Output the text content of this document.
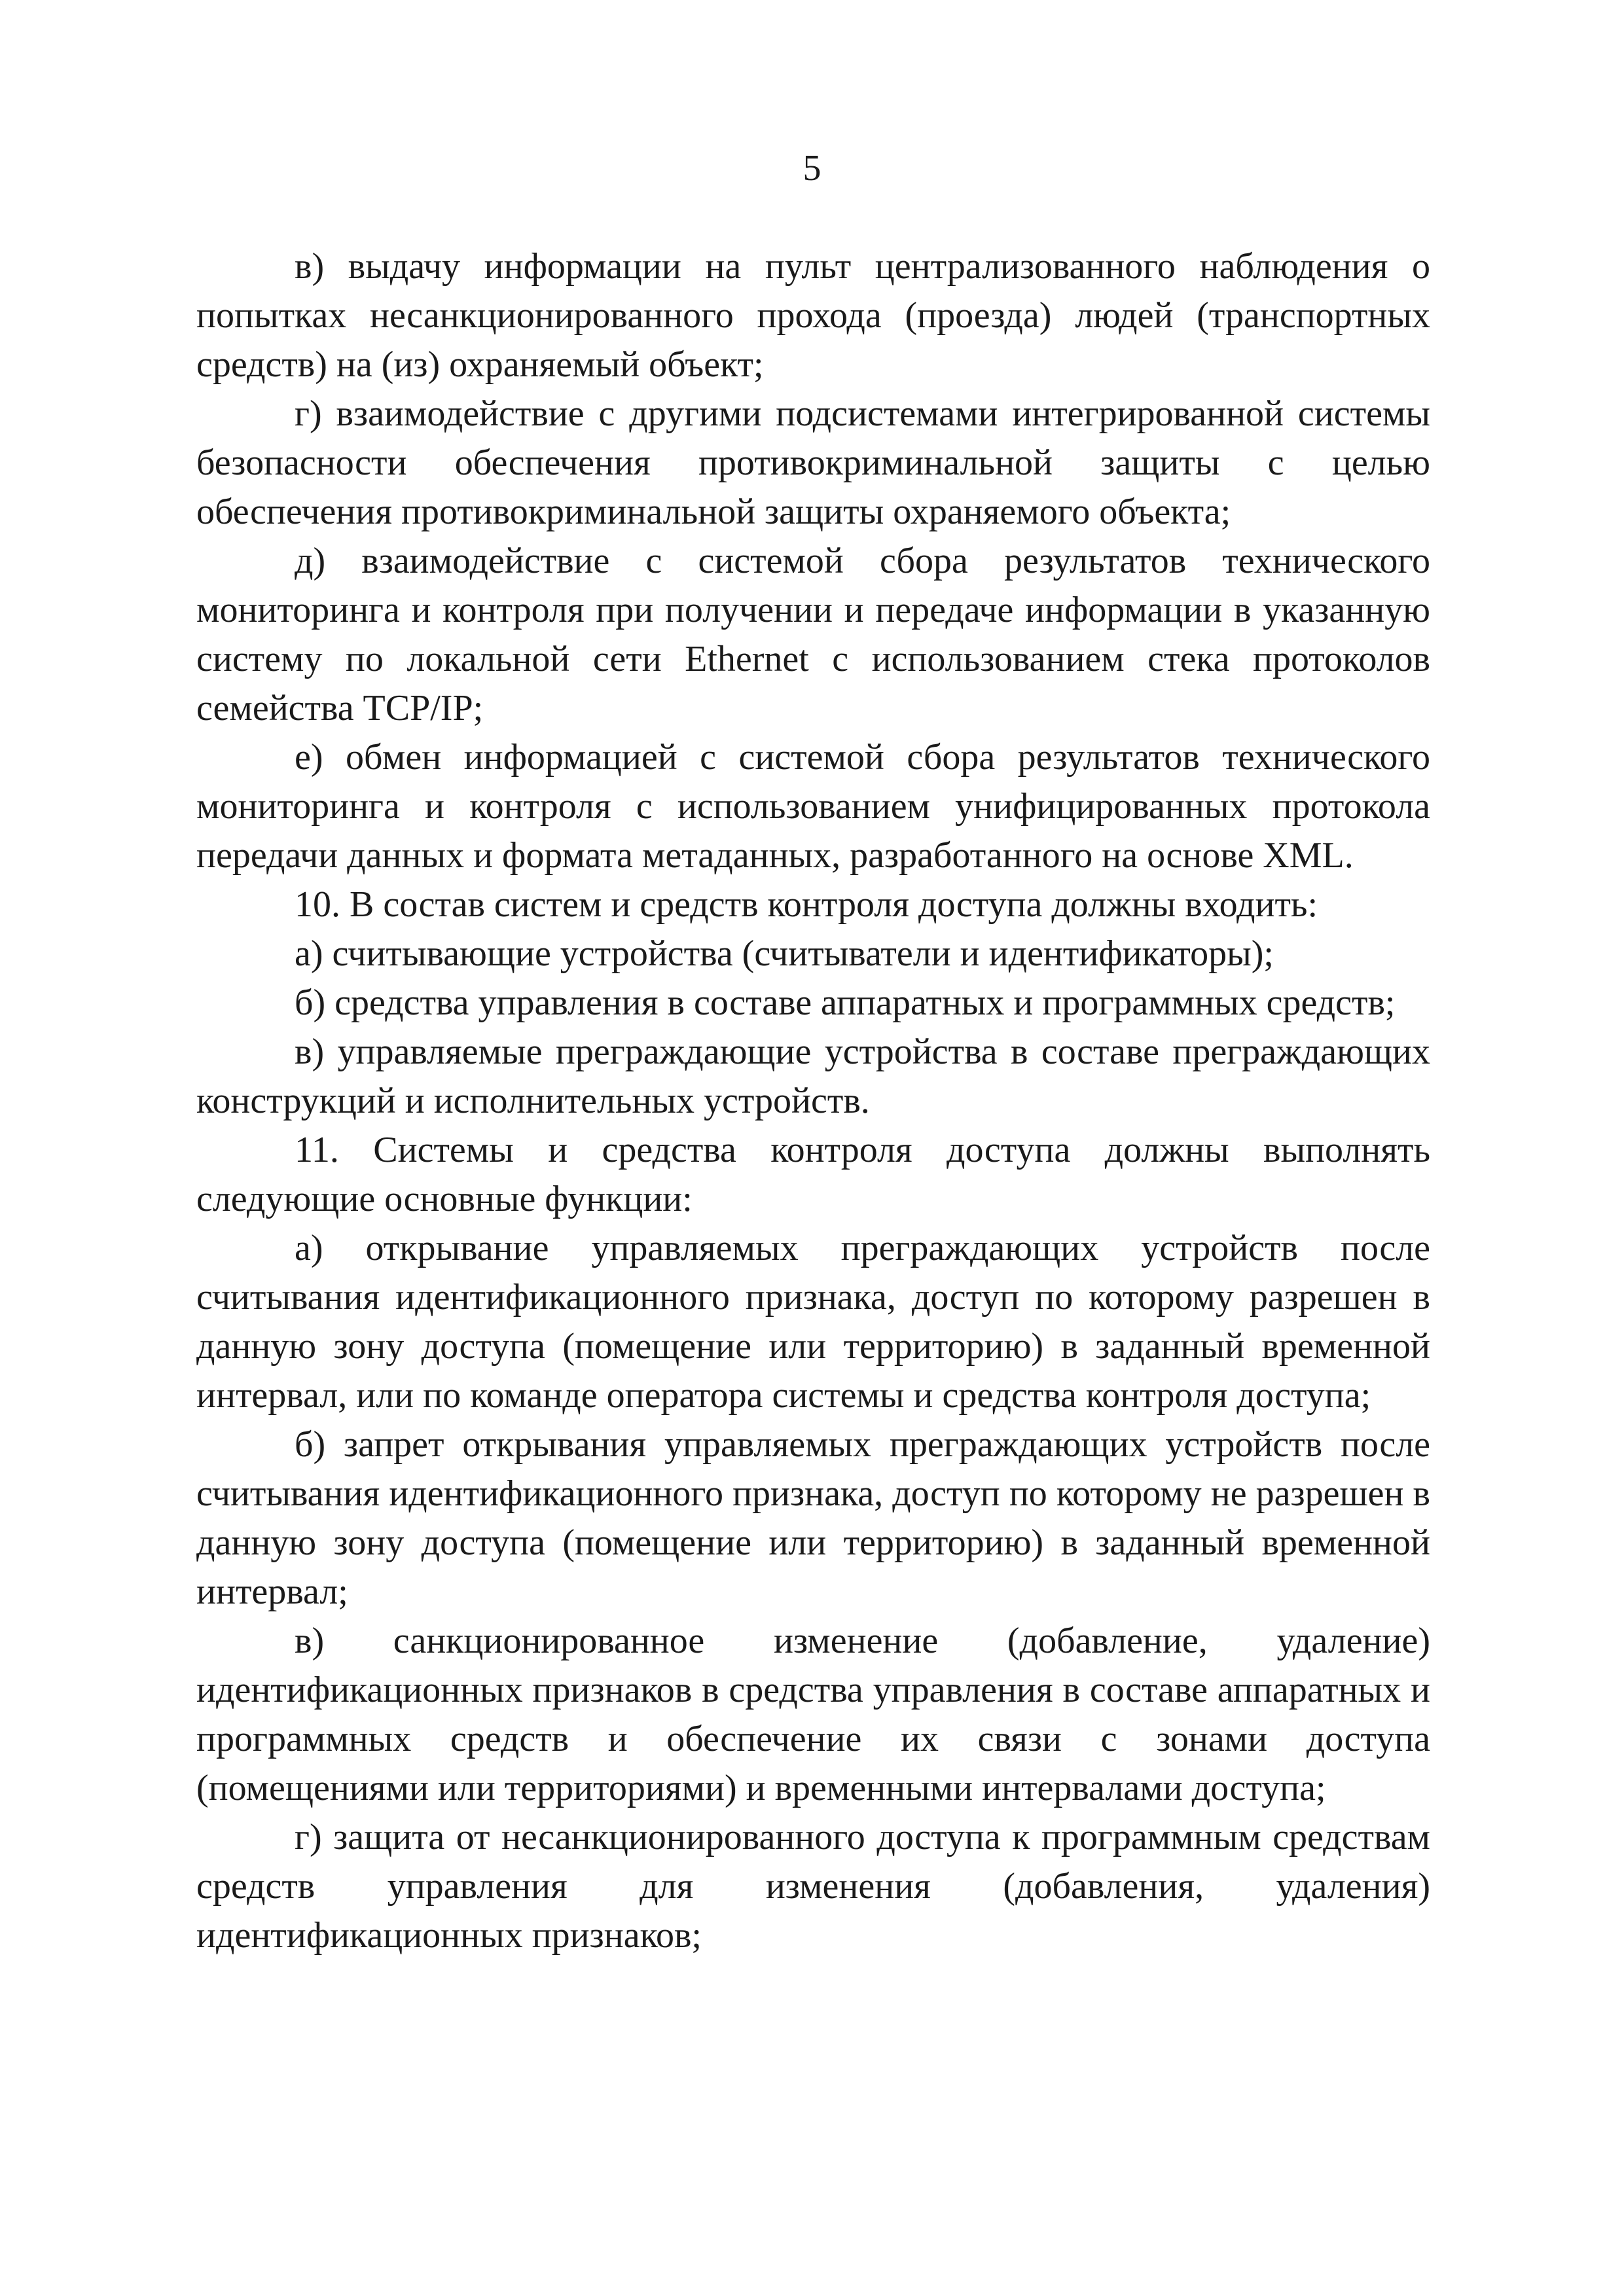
5

в) выдачу информации на пульт централизованного наблюдения о попытках несанкционированного прохода (проезда) людей (транспортных средств) на (из) охраняемый объект;

г) взаимодействие с другими подсистемами интегрированной системы безопасности обеспечения противокриминальной защиты с целью обеспечения противокриминальной защиты охраняемого объекта;

д) взаимодействие с системой сбора результатов технического мониторинга и контроля при получении и передаче информации в указанную систему по локальной сети Ethernet с использованием стека протоколов семейства TCP/IP;

е) обмен информацией с системой сбора результатов технического мониторинга и контроля с использованием унифицированных протокола передачи данных и формата метаданных, разработанного на основе XML.

10. В состав систем и средств контроля доступа должны входить:

а) считывающие устройства (считыватели и идентификаторы);

б) средства управления в составе аппаратных и программных средств;

в) управляемые преграждающие устройства в составе преграждающих конструкций и исполнительных устройств.

11. Системы и средства контроля доступа должны выполнять следующие основные функции:

а) открывание управляемых преграждающих устройств после считывания идентификационного признака, доступ по которому разрешен в данную зону доступа (помещение или территорию) в заданный временной интервал, или по команде оператора системы и средства контроля доступа;

б) запрет открывания управляемых преграждающих устройств после считывания идентификационного признака, доступ по которому не разрешен в данную зону доступа (помещение или территорию) в заданный временной интервал;

в) санкционированное изменение (добавление, удаление) идентификационных признаков в средства управления в составе аппаратных и программных средств и обеспечение их связи с зонами доступа (помещениями или территориями) и временными интервалами доступа;

г) защита от несанкционированного доступа к программным средствам средств управления для изменения (добавления, удаления) идентификационных признаков;
